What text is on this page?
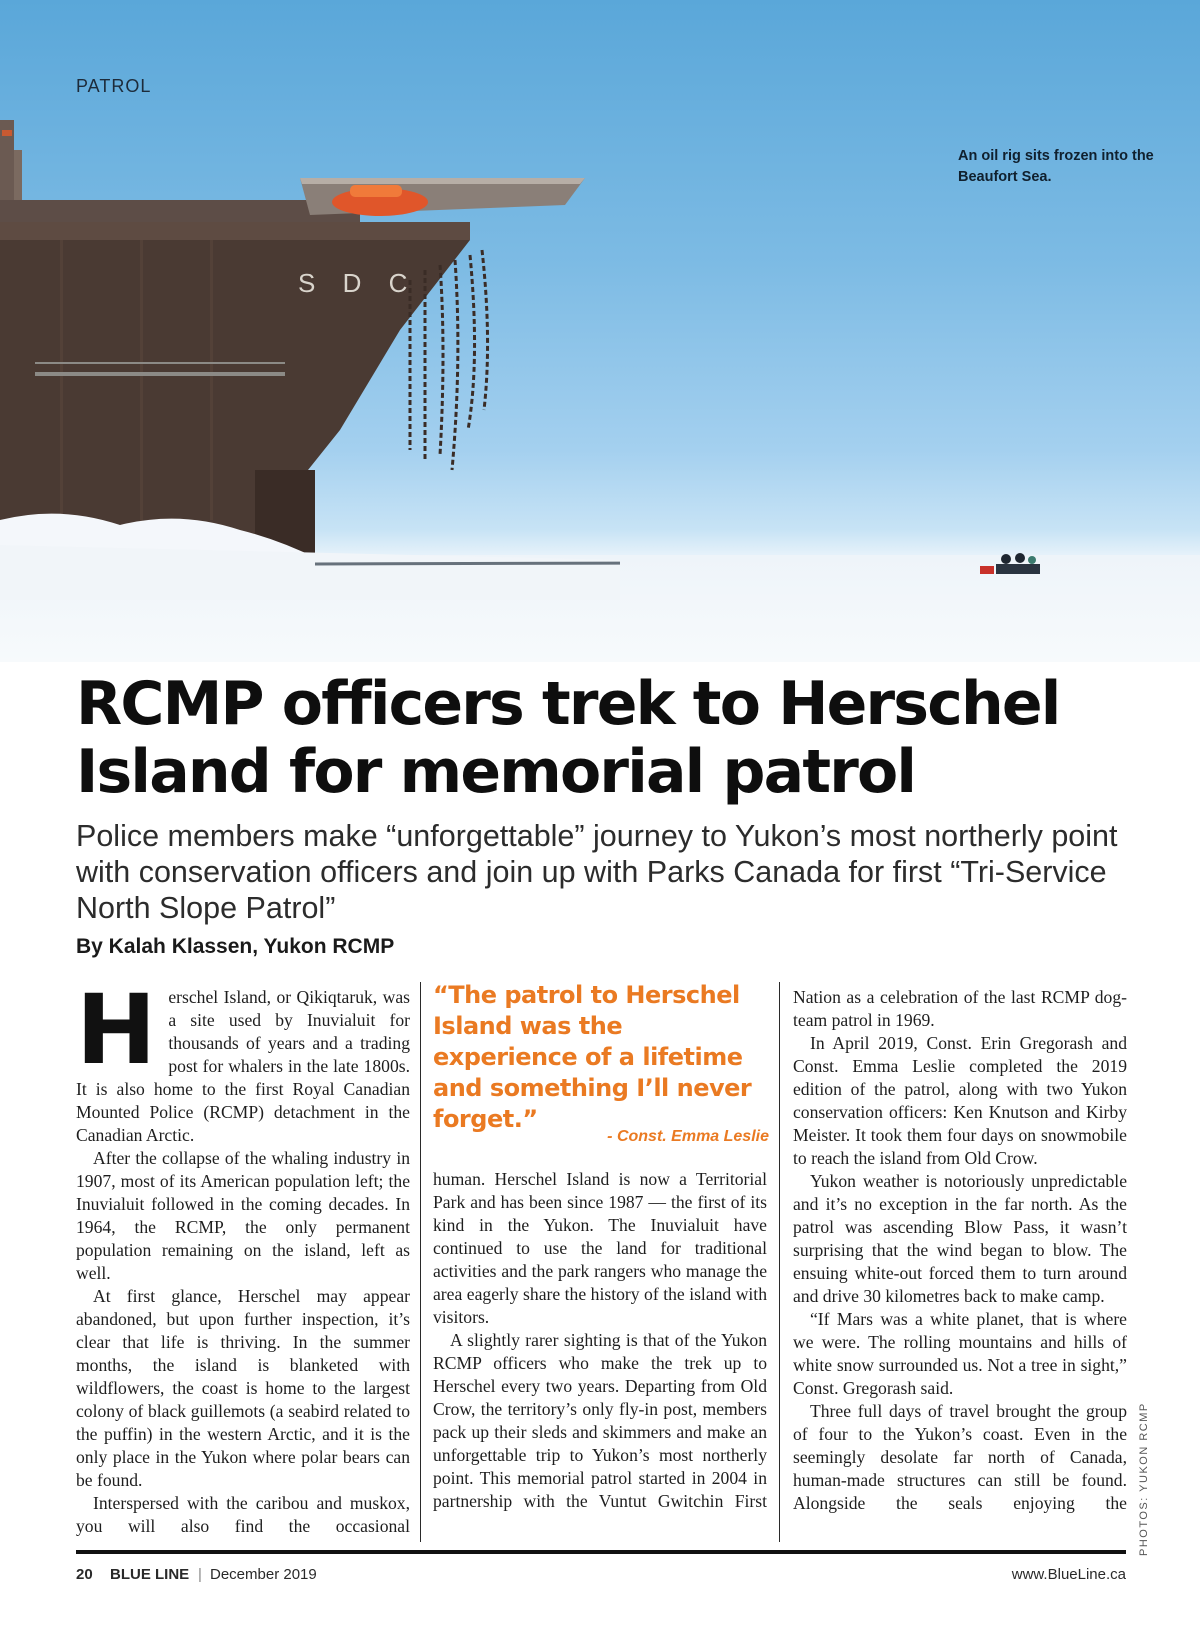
S D C
PATROL
An oil rig sits frozen into the Beaufort Sea.
RCMP officers trek to Herschel Island for memorial patrol
Police members make “unforgettable” journey to Yukon’s most northerly point with conservation officers and join up with Parks Canada for first “Tri-Service North Slope Patrol”
By Kalah Klassen, Yukon RCMP
H erschel Island, or Qikiqtaruk, was a site used by Inuvialuit for thousands of years and a trading post for whalers in the late 1800s. It is also home to the first Royal Canadian Mounted Police (RCMP) detachment in the Canadian Arctic.

After the collapse of the whaling industry in 1907, most of its American population left; the Inuvialuit followed in the coming decades. In 1964, the RCMP, the only permanent population remaining on the island, left as well.

At first glance, Herschel may appear abandoned, but upon further inspection, it’s clear that life is thriving. In the summer months, the island is blanketed with wildflowers, the coast is home to the largest colony of black guillemots (a seabird related to the puffin) in the western Arctic, and it is the only place in the Yukon where polar bears can be found.

Interspersed with the caribou and muskox, you will also find the occasional

“The patrol to Herschel Island was the experience of a lifetime and something I’ll never forget.”
- Const. Emma Leslie

human. Herschel Island is now a Territorial Park and has been since 1987 — the first of its kind in the Yukon. The Inuvialuit have continued to use the land for traditional activities and the park rangers who manage the area eagerly share the history of the island with visitors.

A slightly rarer sighting is that of the Yukon RCMP officers who make the trek up to Herschel every two years. Departing from Old Crow, the territory’s only fly-in post, members pack up their sleds and skimmers and make an unforgettable trip to Yukon’s most northerly point. This memorial patrol started in 2004 in partnership with the Vuntut Gwitchin First

Nation as a celebration of the last RCMP dog-team patrol in 1969.

In April 2019, Const. Erin Gregorash and Const. Emma Leslie completed the 2019 edition of the patrol, along with two Yukon conservation officers: Ken Knutson and Kirby Meister. It took them four days on snowmobile to reach the island from Old Crow.

Yukon weather is notoriously unpredictable and it’s no exception in the far north. As the patrol was ascending Blow Pass, it wasn’t surprising that the wind began to blow. The ensuing white-out forced them to turn around and drive 30 kilometres back to make camp.

“If Mars was a white planet, that is where we were. The rolling mountains and hills of white snow surrounded us. Not a tree in sight,” Const. Gregorash said.

Three full days of travel brought the group of four to the Yukon’s coast. Even in the seemingly desolate far north of Canada, human-made structures can still be found. Alongside the seals enjoying the PHOTOS: YUKON RCMP
20 BLUE LINE | December 2019	www.BlueLine.ca
